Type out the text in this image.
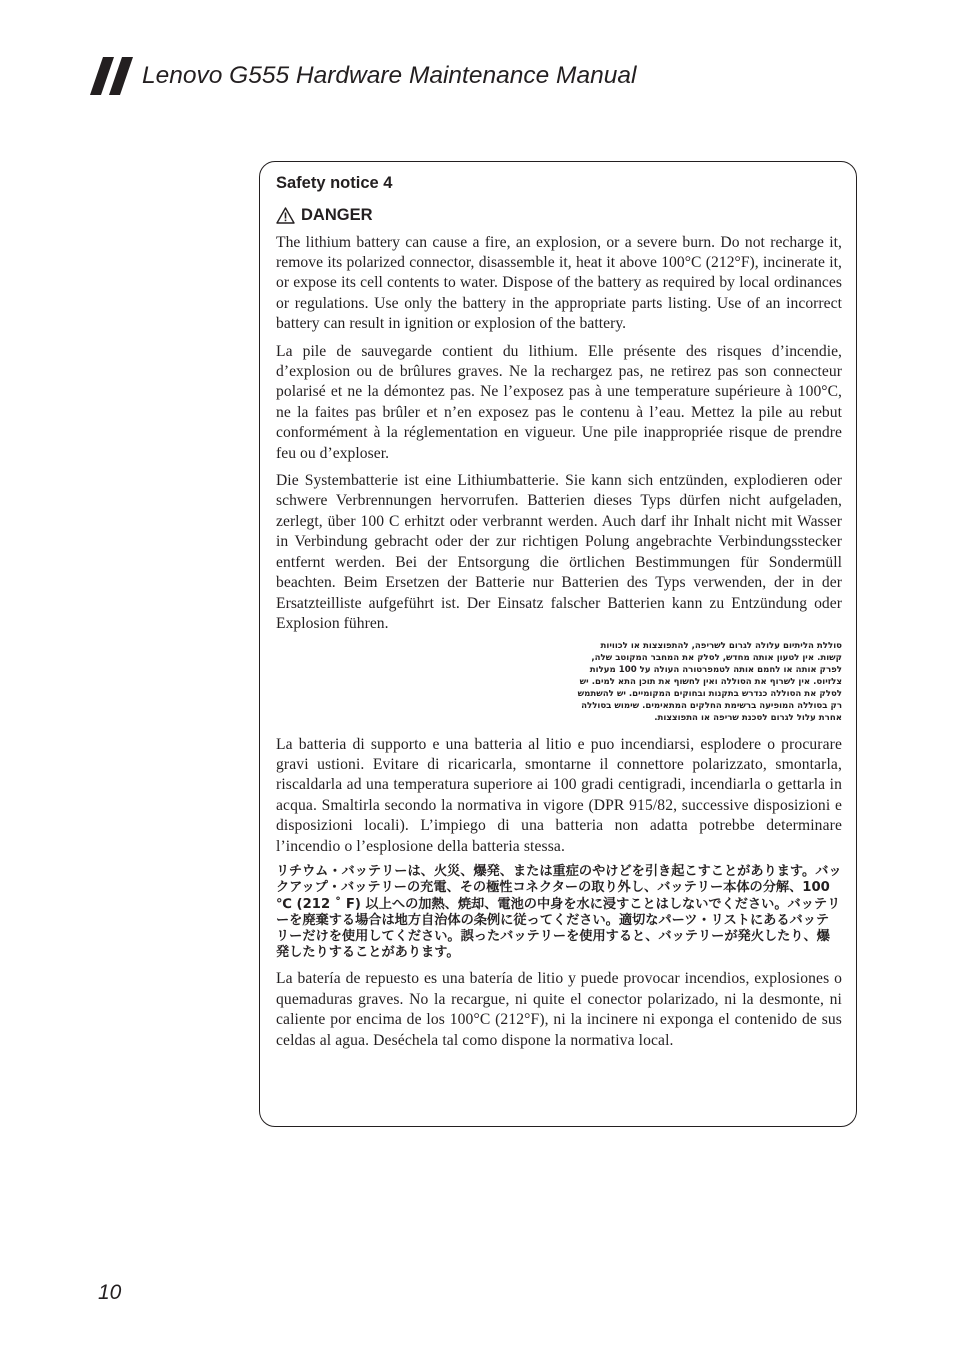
Lenovo G555 Hardware Maintenance Manual
Safety notice 4
DANGER

The lithium battery can cause a fire, an explosion, or a severe burn. Do not recharge it, remove its polarized connector, disassemble it, heat it above 100°C (212°F), incinerate it, or expose its cell contents to water. Dispose of the battery as required by local ordinances or regulations. Use only the battery in the appropriate parts listing. Use of an incorrect battery can result in ignition or explosion of the battery.

La pile de sauvegarde contient du lithium. Elle présente des risques d’incendie, d’explosion ou de brûlures graves. Ne la rechargez pas, ne retirez pas son connecteur polarisé et ne la démontez pas. Ne l’exposez pas à une temperature supérieure à 100°C, ne la faites pas brûler et n’en exposez pas le contenu à l’eau. Mettez la pile au rebut conformément à la réglementation en vigueur. Une pile inappropriée risque de prendre feu ou d’exploser.

Die Systembatterie ist eine Lithiumbatterie. Sie kann sich entzünden, explodieren oder schwere Verbrennungen hervorrufen. Batterien dieses Typs dürfen nicht aufgeladen, zerlegt, über 100 C erhitzt oder verbrannt werden. Auch darf ihr Inhalt nicht mit Wasser in Verbindung gebracht oder der zur richtigen Polung angebrachte Verbindungsstecker entfernt werden. Bei der Entsorgung die örtlichen Bestimmungen für Sondermüll beachten. Beim Ersetzen der Batterie nur Batterien des Typs verwenden, der in der Ersatzteilliste aufgeführt ist. Der Einsatz falscher Batterien kann zu Entzündung oder Explosion führen.

סוללת הליתיום עלולה לגרום לשריפה, להתפוצצות או לכוויות קשות. אין לטעון אותה מחדש, לסלק את המחבר המקוטב שלה, לפרק אותה או לחמם אותה לטמפרטורה העולה על 100 מעלות צלזיוס. אין לשרוף את הסוללה ואין לחשוף את תוכן התא למים. יש לסלק את הסוללה כנדרש בתקנות ובחוקים המקומיים. יש להשתמש רק בסוללה המופיעה ברשימת החלקים המתאימים. שימוש בסוללה אחרת עלול לגרום לסכנת שריפה או התפוצצות.

La batteria di supporto e una batteria al litio e puo incendiarsi, esplodere o procurare gravi ustioni. Evitare di ricaricarla, smontarne il connettore polarizzato, smontarla, riscaldarla ad una temperatura superiore ai 100 gradi centigradi, incendiarla o gettarla in acqua. Smaltirla secondo la normativa in vigore (DPR 915/82, successive disposizioni e disposizioni locali). L’impiego di una batteria non adatta potrebbe determinare l’incendio o l’esplosione della batteria stessa.

リチウム・バッテリーは、火災、爆発、または重症のやけどを引き起こすことがあります。バックアップ・バッテリーの充電、その極性コネクターの取り外し、バッテリー本体の分解、100 ℃ (212 ˚ F) 以上への加熱、焼却、電池の中身を水に浸すことはしないでください。バッテリーを廃棄する場合は地方自治体の条例に従ってください。適切なパーツ・リストにあるバッテリーだけを使用してください。誤ったバッテリーを使用すると、バッテリーが発火したり、爆発したりすることがあります。

La batería de repuesto es una batería de litio y puede provocar incendios, explosiones o quemaduras graves. No la recargue, ni quite el conector polarizado, ni la desmonte, ni caliente por encima de los 100°C (212°F), ni la incinere ni exponga el contenido de sus celdas al agua. Deséchela tal como dispone la normativa local.

10
